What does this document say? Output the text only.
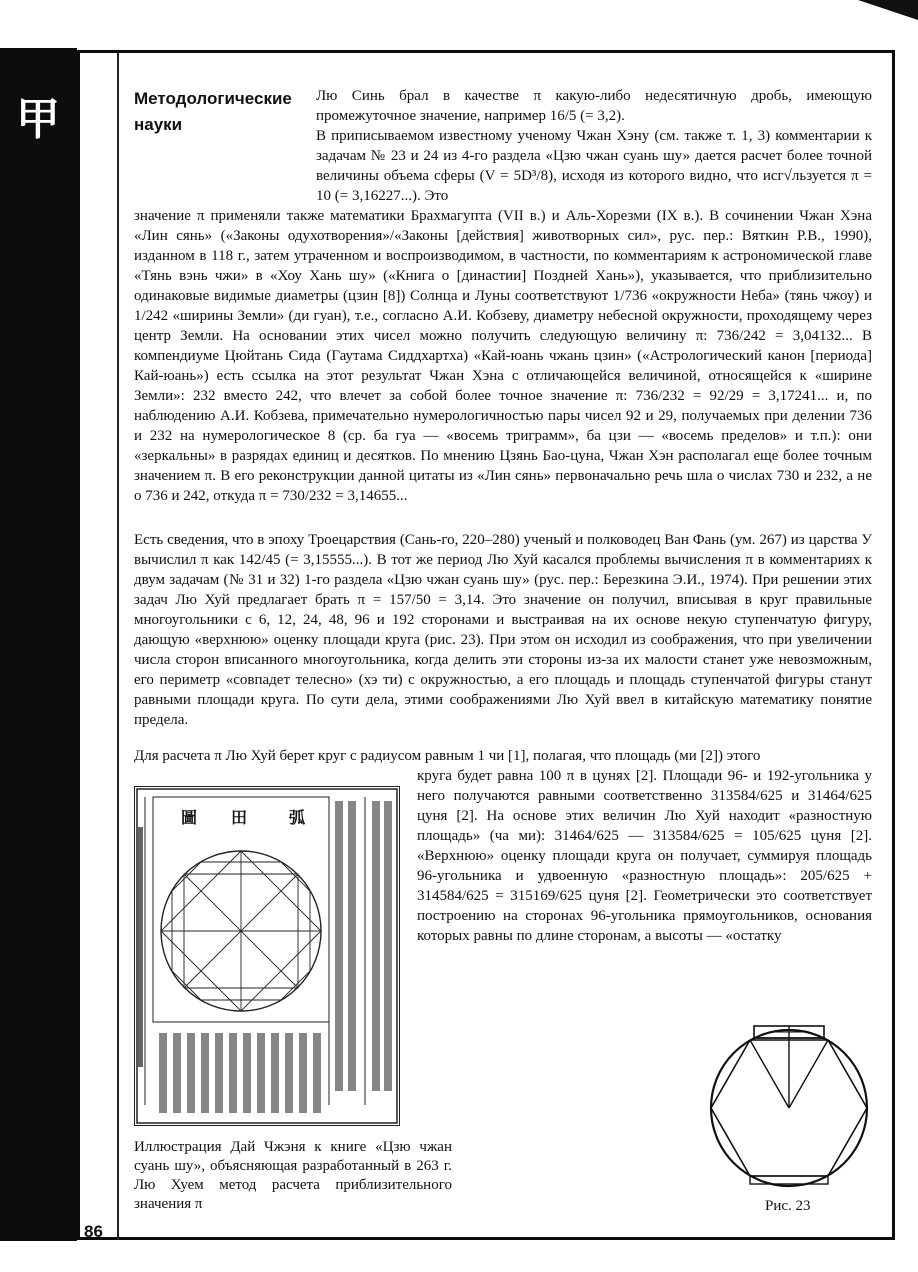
甲
86
Методологические науки

Лю Синь брал в качестве π какую-либо недесятичную дробь, имеющую промежуточное значение, например 16/5 (= 3,2).

В приписываемом известному ученому Чжан Хэну (см. также т. 1, 3) комментарии к задачам № 23 и 24 из 4-го раздела «Цзю чжан суань шу» дается расчет более точной величины объема сферы (V = 5D³/8), исходя из которого видно, что исг√льзуется π = 10 (= 3,16227...). Это

значение π применяли также математики Брахмагупта (VII в.) и Аль-Хорезми (IX в.). В сочинении Чжан Хэна «Лин сянь» («Законы одухотворения»/«Законы [действия] животворных сил», рус. пер.: Вяткин Р.В., 1990), изданном в 118 г., затем утраченном и воспроизводимом, в частности, по комментариям к астрономической главе «Тянь вэнь чжи» в «Хоу Хань шу» («Книга о [династии] Поздней Хань»), указывается, что приблизительно одинаковые видимые диаметры (цзин [8]) Солнца и Луны соответствуют 1/736 «окружности Неба» (тянь чжоу) и 1/242 «ширины Земли» (ди гуан), т.е., согласно А.И. Кобзеву, диаметру небесной окружности, проходящему через центр Земли. На основании этих чисел можно получить следующую величину π: 736/242 = 3,04132... В компендиуме Цюйтань Сида (Гаутама Сиддхартха) «Кай-юань чжань цзин» («Астрологический канон [периода] Кай-юань») есть ссылка на этот результат Чжан Хэна с отличающейся величиной, относящейся к «ширине Земли»: 232 вместо 242, что влечет за собой более точное значение π: 736/232 = 92/29 = 3,17241... и, по наблюдению А.И. Кобзева, примечательно нумерологичностью пары чисел 92 и 29, получаемых при делении 736 и 232 на нумерологическое 8 (ср. ба гуа — «восемь триграмм», ба цзи — «восемь пределов» и т.п.): они «зеркальны» в разрядах единиц и десятков. По мнению Цзянь Бао-цуна, Чжан Хэн располагал еще более точным значением π. В его реконструкции данной цитаты из «Лин сянь» первоначально речь шла о числах 730 и 232, а не о 736 и 242, откуда π = 730/232 = 3,14655...

Есть сведения, что в эпоху Троецарствия (Сань-го, 220–280) ученый и полководец Ван Фань (ум. 267) из царства У вычислил π как 142/45 (= 3,15555...). В тот же период Лю Хуй касался проблемы вычисления π в комментариях к двум задачам (№ 31 и 32) 1-го раздела «Цзю чжан суань шу» (рус. пер.: Березкина Э.И., 1974). При решении этих задач Лю Хуй предлагает брать π = 157/50 = 3,14. Это значение он получил, вписывая в круг правильные многоугольники с 6, 12, 24, 48, 96 и 192 сторонами и выстраивая на их основе некую ступенчатую фигуру, дающую «верхнюю» оценку площади круга (рис. 23). При этом он исходил из соображения, что при увеличении числа сторон вписанного многоугольника, когда делить эти стороны из-за их малости станет уже невозможным, его периметр «совпадет телесно» (хэ ти) с окружностью, а его площадь и площадь ступенчатой фигуры станут равными площади круга. По сути дела, этими соображениями Лю Хуй ввел в китайскую математику понятие предела.

Для расчета π Лю Хуй берет круг с радиусом равным 1 чи [1], полагая, что площадь (ми [2]) этого

круга будет равна 100 π в цунях [2]. Площади 96- и 192-угольника у него получаются равными соответственно 313584/625 и 31464/625 цуня [2]. На основе этих величин Лю Хуй находит «разностную площадь» (ча ми): 31464/625 — 313584/625 = 105/625 цуня [2]. «Верхнюю» оценку площади круга он получает, суммируя площадь 96-угольника и удвоенную «разностную площадь»: 205/625 + 314584/625 = 315169/625 цуня [2]. Геометрически это соответствует построению на сторонах 96-угольника прямоугольников, основания которых равны по длине сторонам, а высоты — «остатку

圖 田	弧
Иллюстрация Дай Чжэня к книге «Цзю чжан суань шу», объясняющая разработанный в 263 г. Лю Хуем метод расчета приблизительного значения π	Рис. 23
